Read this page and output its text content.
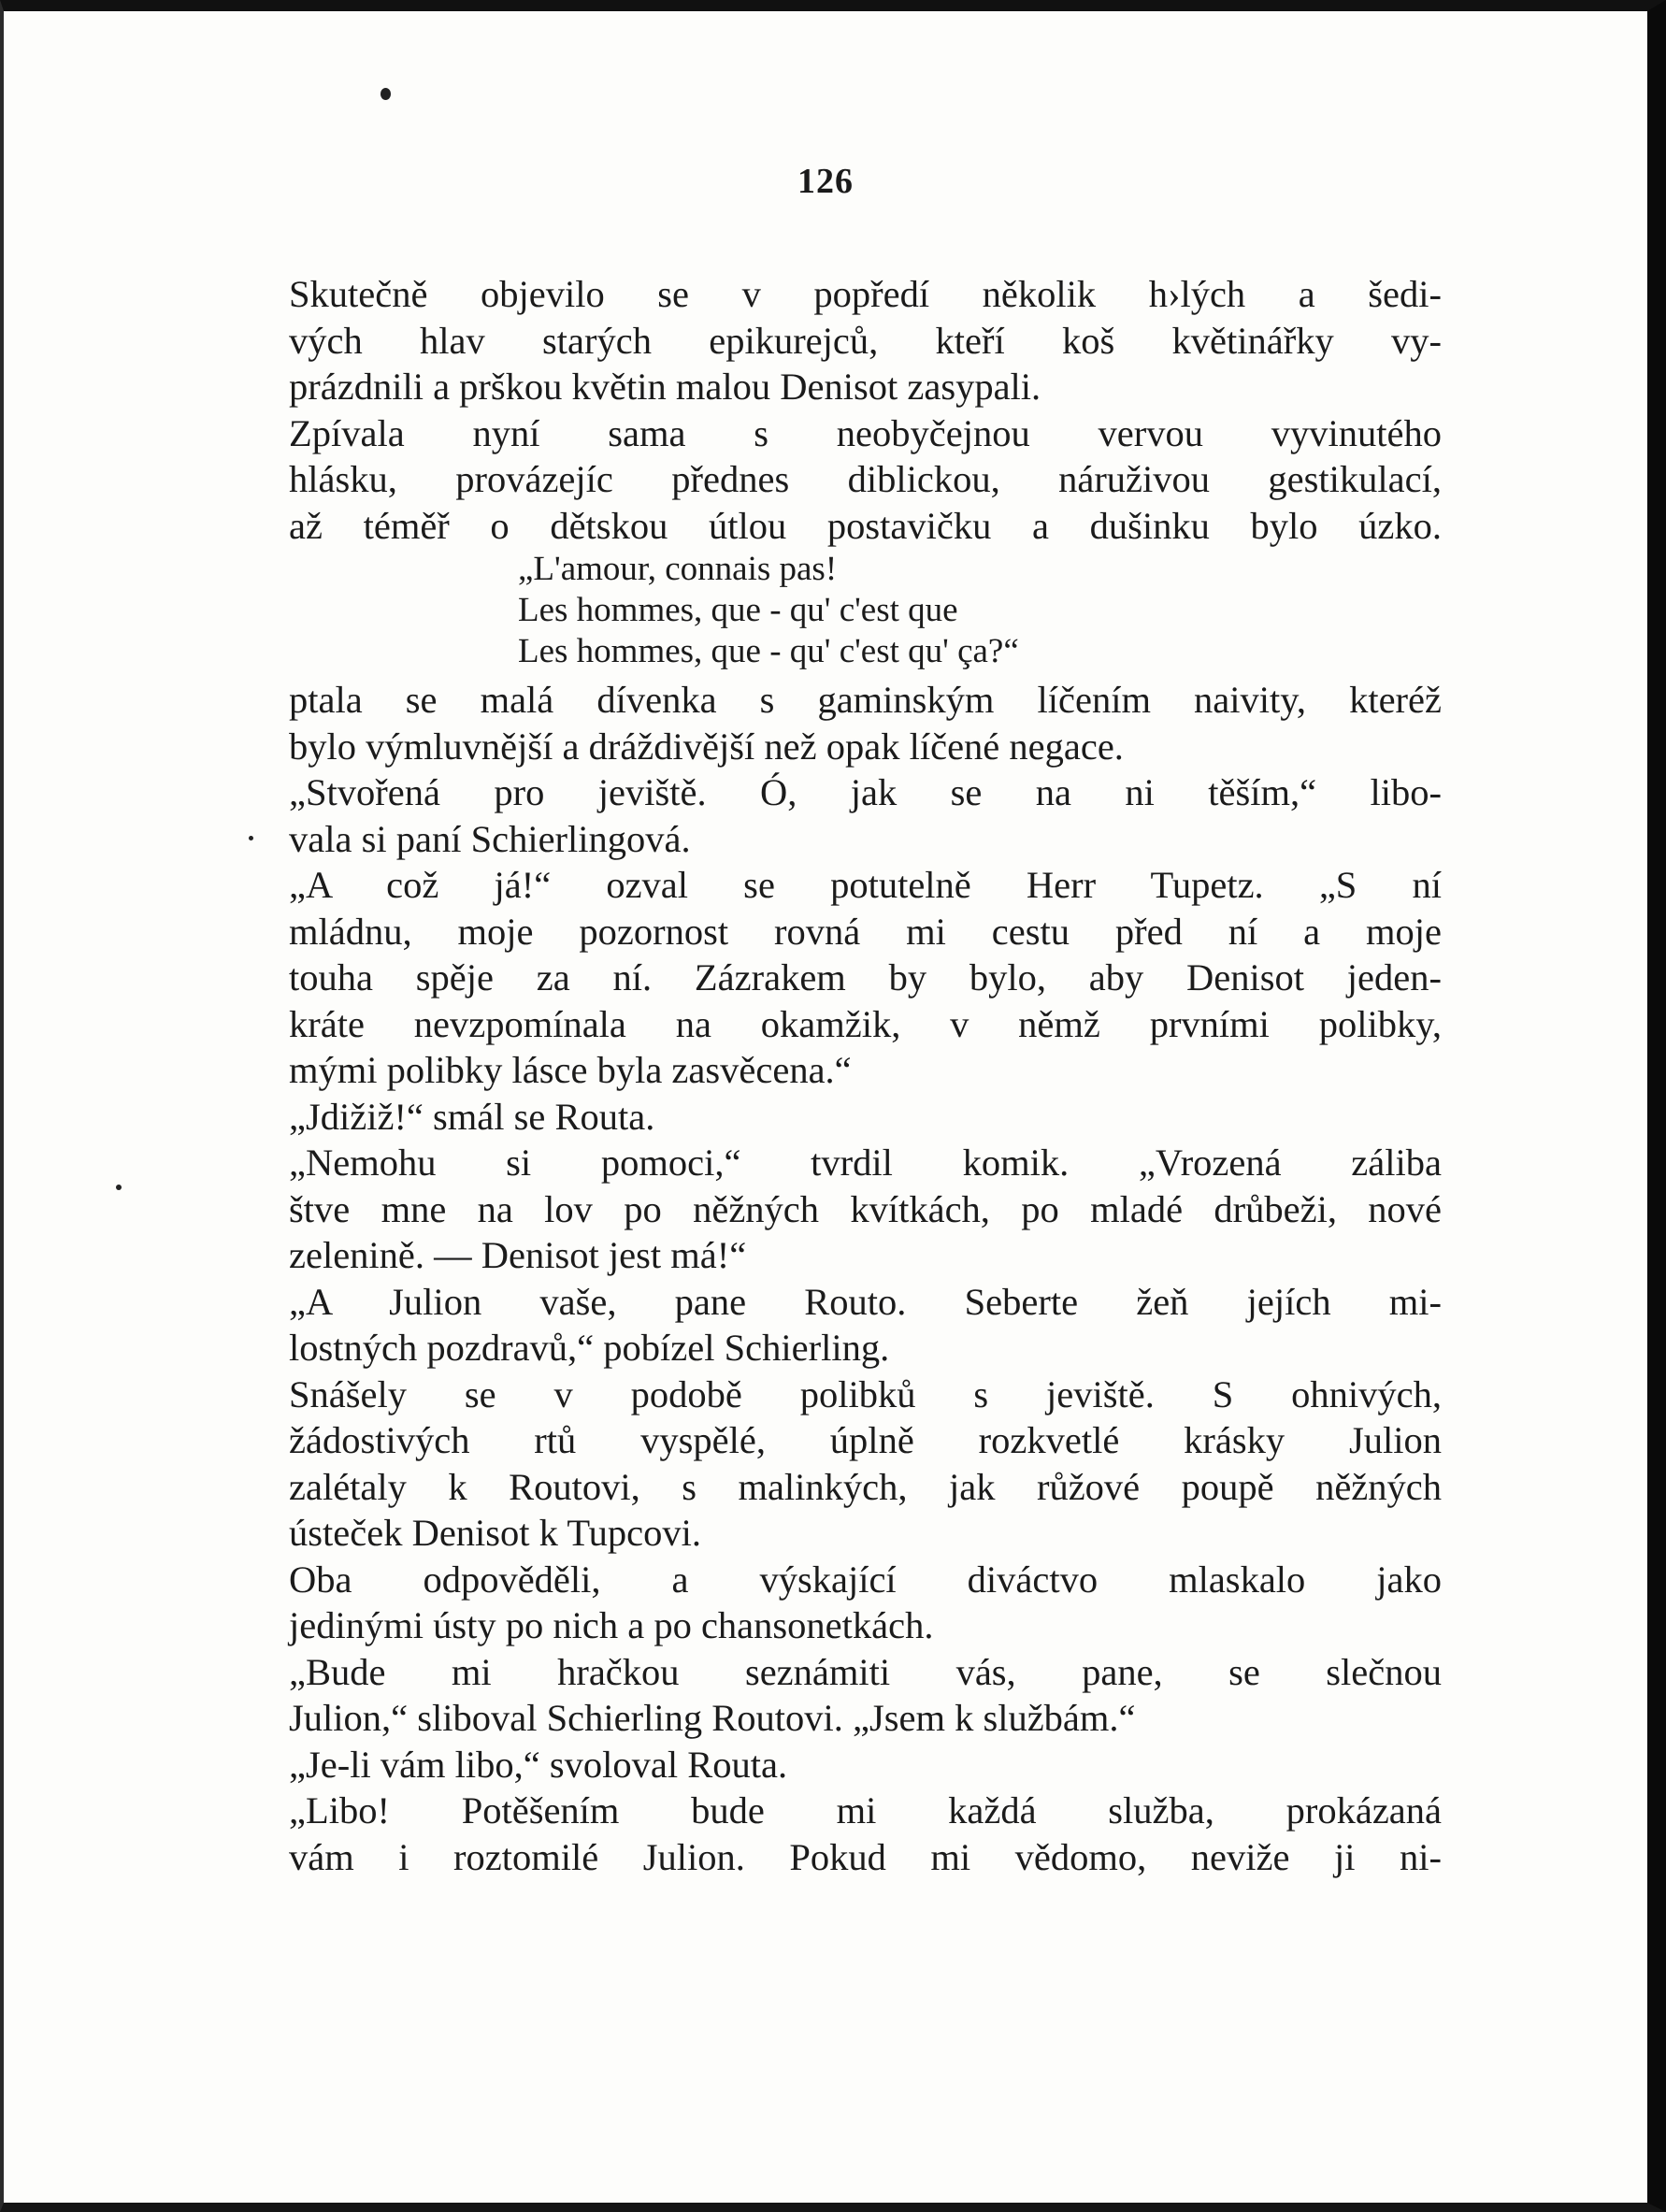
126
Skutečně objevilo se v popředí několik h›lých a šedi-
vých hlav starých epikurejců, kteří koš květinářky vy-
prázdnili a prškou květin malou Denisot zasypali.
Zpívala nyní sama s neobyčejnou vervou vyvinutého
hlásku, provázejíc přednes diblickou, náruživou gestikulací,
až téměř o dětskou útlou postavičku a dušinku bylo úzko.
„L'amour, connais pas!
Les hommes, que - qu' c'est que
Les hommes, que - qu' c'est qu' ça?“
ptala se malá dívenka s gaminským líčením naivity, kteréž
bylo výmluvnější a dráždivější než opak líčené negace.
„Stvořená pro jeviště. Ó, jak se na ni těším,“ libo-
vala si paní Schierlingová.
„A což já!“ ozval se potutelně Herr Tupetz. „S ní
mládnu, moje pozornost rovná mi cestu před ní a moje
touha spěje za ní. Zázrakem by bylo, aby Denisot jeden-
kráte nevzpomínala na okamžik, v němž prvními polibky,
mými polibky lásce byla zasvěcena.“
„Jdižiž!“ smál se Routa.
„Nemohu si pomoci,“ tvrdil komik. „Vrozená záliba
štve mne na lov po něžných kvítkách, po mladé drůbeži, nové
zelenině. — Denisot jest má!“
„A Julion vaše, pane Routo. Seberte žeň jejích mi-
lostných pozdravů,“ pobízel Schierling.
Snášely se v podobě polibků s jeviště. S ohnivých,
žádostivých rtů vyspělé, úplně rozkvetlé krásky Julion
zalétaly k Routovi, s malinkých, jak růžové poupě něžných
ústeček Denisot k Tupcovi.
Oba odpověděli, a výskající diváctvo mlaskalo jako
jedinými ústy po nich a po chansonetkách.
„Bude mi hračkou seznámiti vás, pane, se slečnou
Julion,“ sliboval Schierling Routovi. „Jsem k službám.“
„Je-li vám libo,“ svoloval Routa.
„Libo! Potěšením bude mi každá služba, prokázaná
vám i roztomilé Julion. Pokud mi vědomo, neviže ji ni-
